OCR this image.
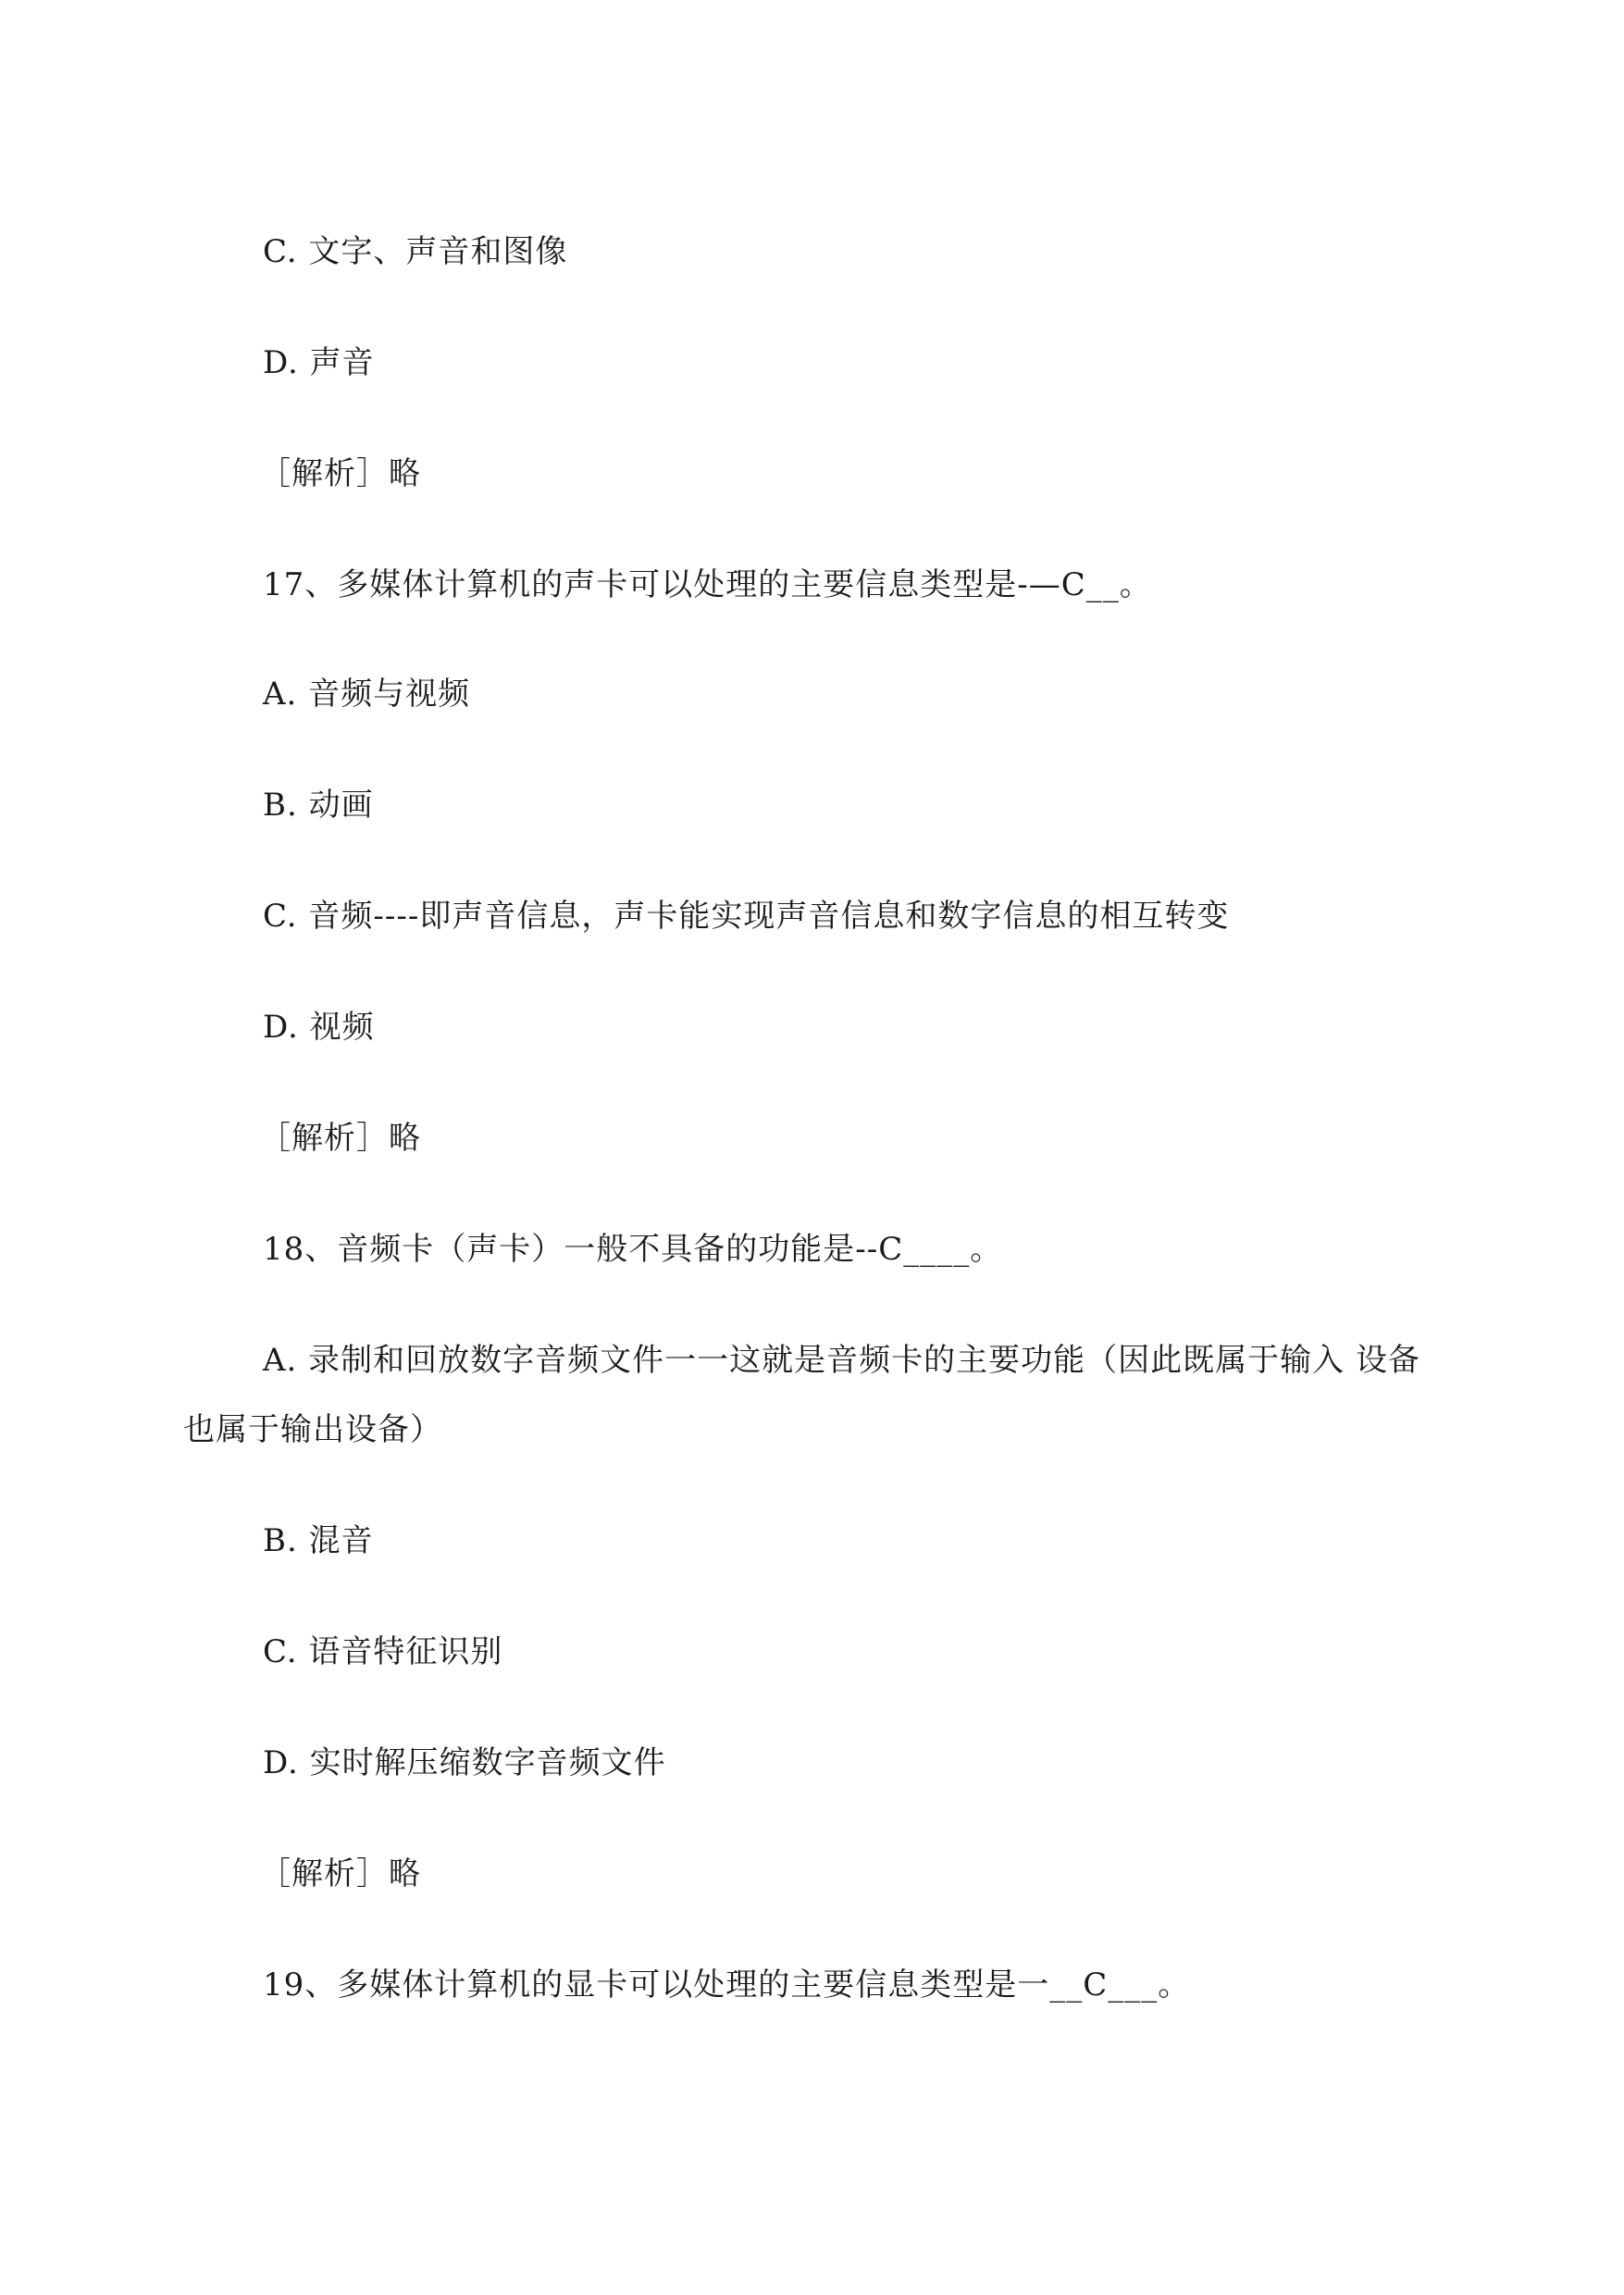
C. 文字、声音和图像
D. 声音
［解析］略
17、多媒体计算机的声卡可以处理的主要信息类型是-—C__。
A. 音频与视频
B. 动画
C. 音频----即声音信息，声卡能实现声音信息和数字信息的相互转变
D. 视频
［解析］略
18、音频卡（声卡）一般不具备的功能是--C____。
A. 录制和回放数字音频文件一一这就是音频卡的主要功能（因此既属于输入 设备
也属于输出设备）
B. 混音
C. 语音特征识别
D. 实时解压缩数字音频文件
［解析］略
19、多媒体计算机的显卡可以处理的主要信息类型是一__C___。
